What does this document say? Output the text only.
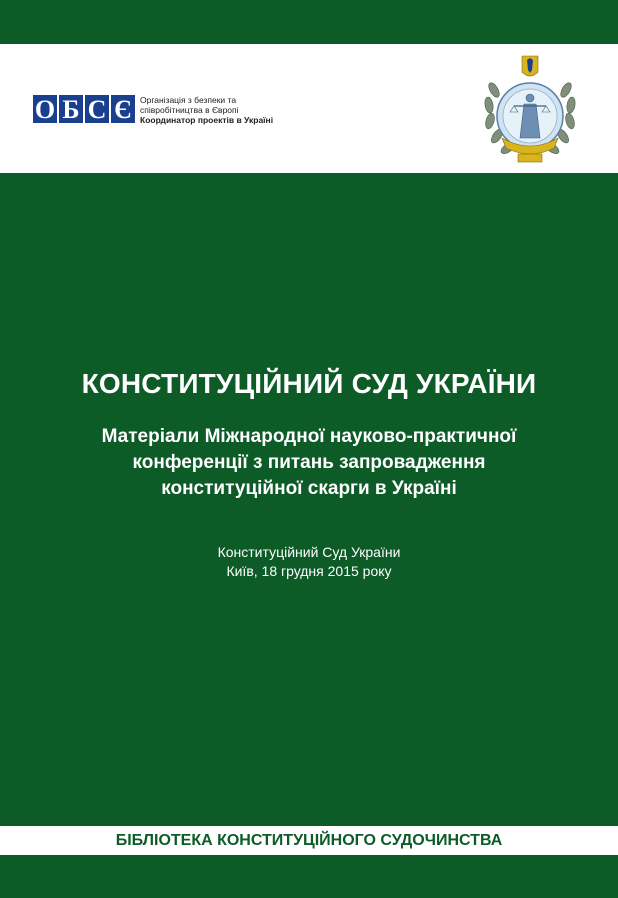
О Б С Є Організація з безпеки та
співробітництва в Європі
Координатор проектів в Україні
КОНСТИТУЦІЙНИЙ СУД УКРАЇНИ
Матеріали Міжнародної науково-практичної
конференції з питань запровадження
конституційної скарги в Україні
Конституційний Суд України
Київ, 18 грудня 2015 року
БІБЛІОТЕКА КОНСТИТУЦІЙНОГО СУДОЧИНСТВА
